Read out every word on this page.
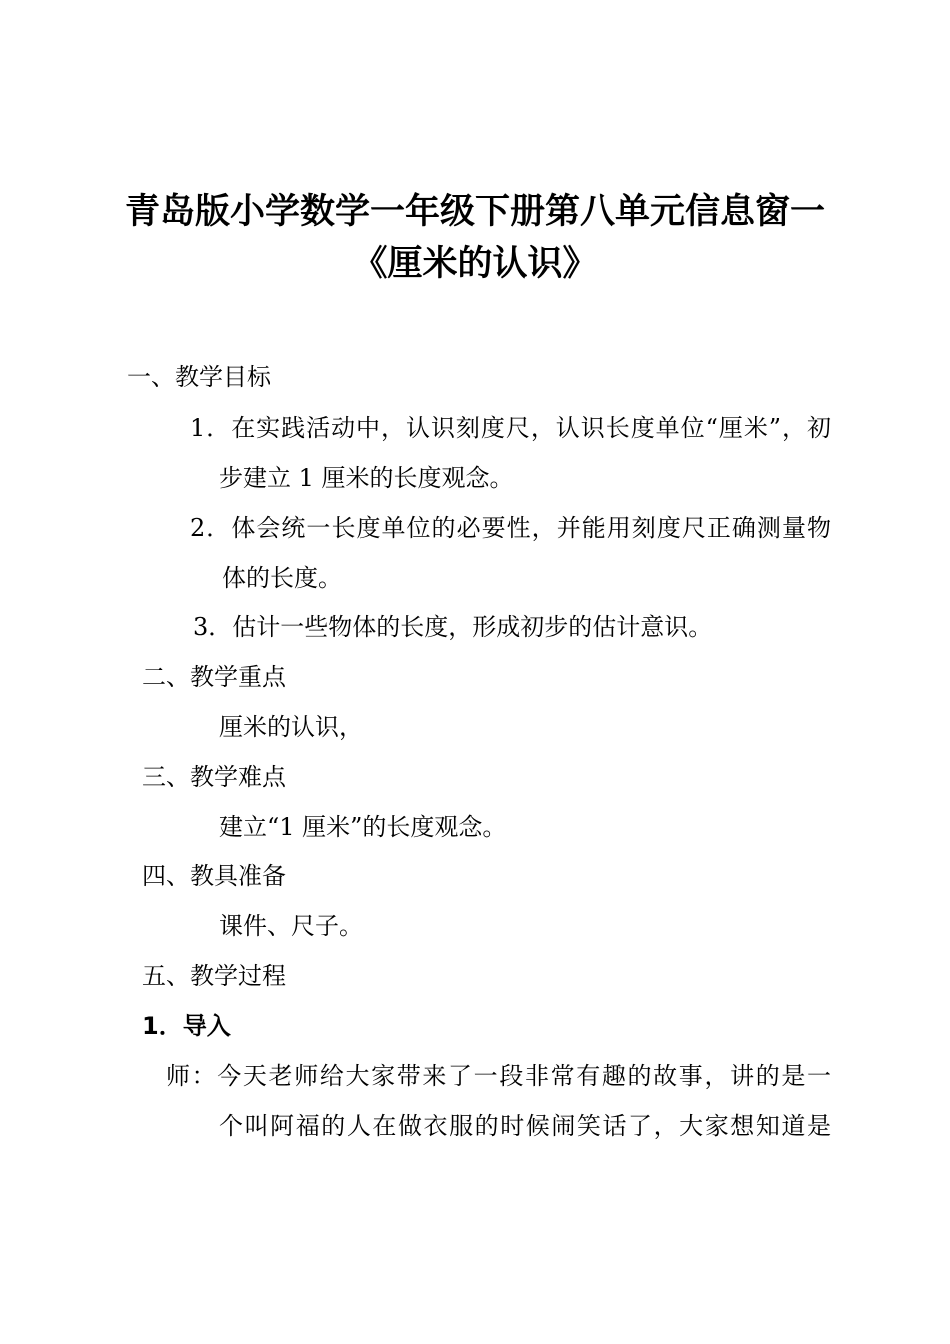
青岛版小学数学一年级下册第八单元信息窗一
《厘米的认识》
一、教学目标
1．在实践活动中，认识刻度尺，认识长度单位“厘米”，初
步建立 1 厘米的长度观念。
2．体会统一长度单位的必要性，并能用刻度尺正确测量物
体的长度。
3．估计一些物体的长度，形成初步的估计意识。
二、教学重点
厘米的认识，
三、教学难点
建立“1 厘米”的长度观念。
四、教具准备
课件、尺子。
五、教学过程
1．导入
师：今天老师给大家带来了一段非常有趣的故事，讲的是一
个叫阿福的人在做衣服的时候闹笑话了，大家想知道是
